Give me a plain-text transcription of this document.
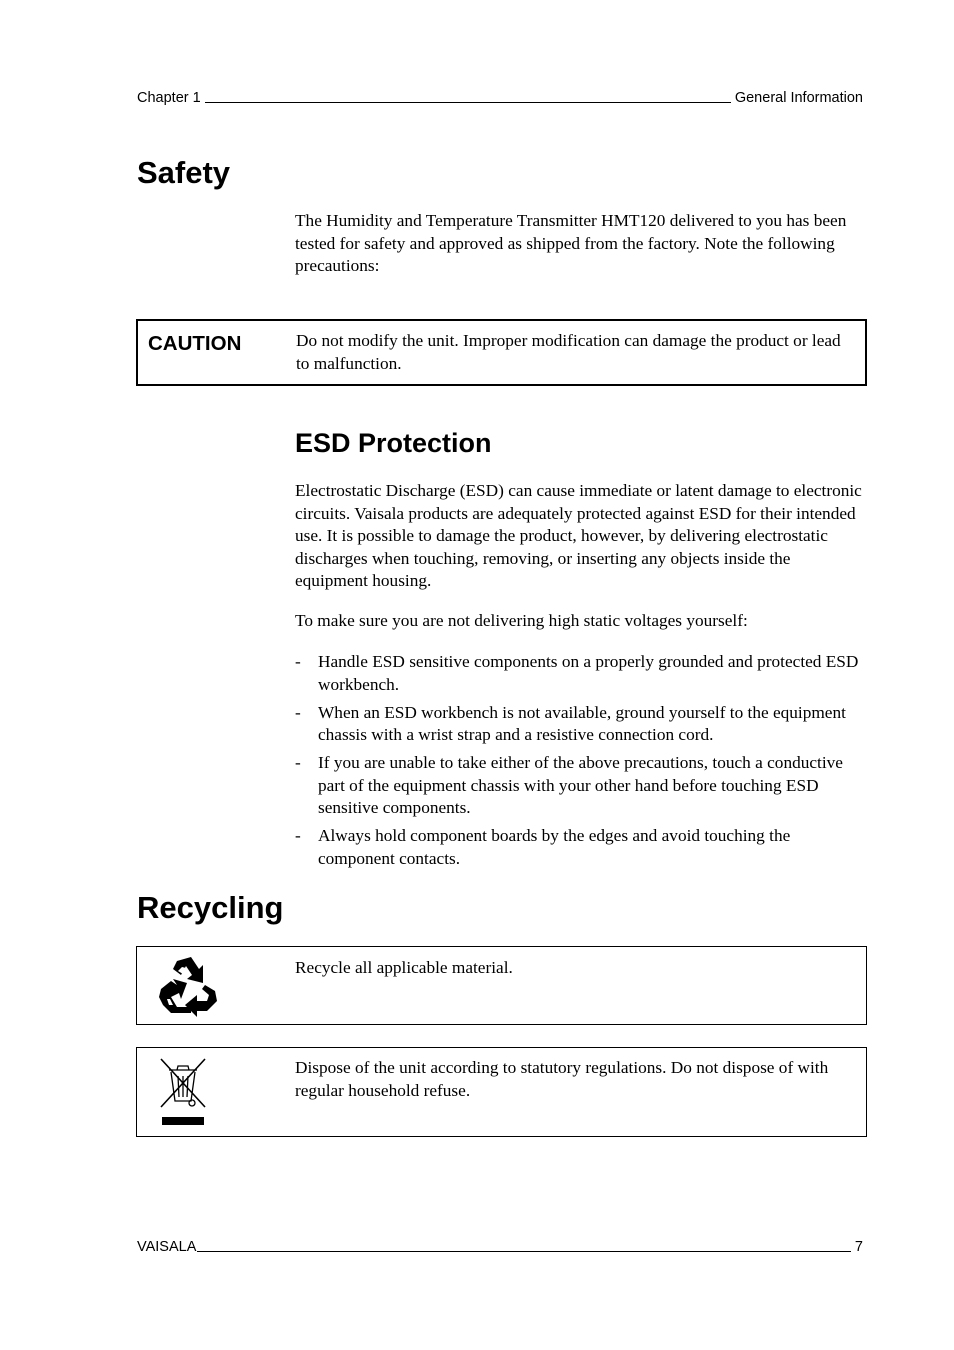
Chapter 1	General Information
Safety

The Humidity and Temperature Transmitter HMT120 delivered to you has been tested for safety and approved as shipped from the factory. Note the following precautions:

CAUTION	Do not modify the unit. Improper modification can damage the product or lead to malfunction.

ESD Protection

Electrostatic Discharge (ESD) can cause immediate or latent damage to electronic circuits. Vaisala products are adequately protected against ESD for their intended use. It is possible to damage the product, however, by delivering electrostatic discharges when touching, removing, or inserting any objects inside the equipment housing.

To make sure you are not delivering high static voltages yourself:

- Handle ESD sensitive components on a properly grounded and protected ESD workbench.
- When an ESD workbench is not available, ground yourself to the equipment chassis with a wrist strap and a resistive connection cord.
- If you are unable to take either of the above precautions, touch a conductive part of the equipment chassis with your other hand before touching ESD sensitive components.
- Always hold component boards by the edges and avoid touching the component contacts.
Recycling

Recycle all applicable material.

Dispose of the unit according to statutory regulations. Do not dispose of with regular household refuse.

VAISALA	7
